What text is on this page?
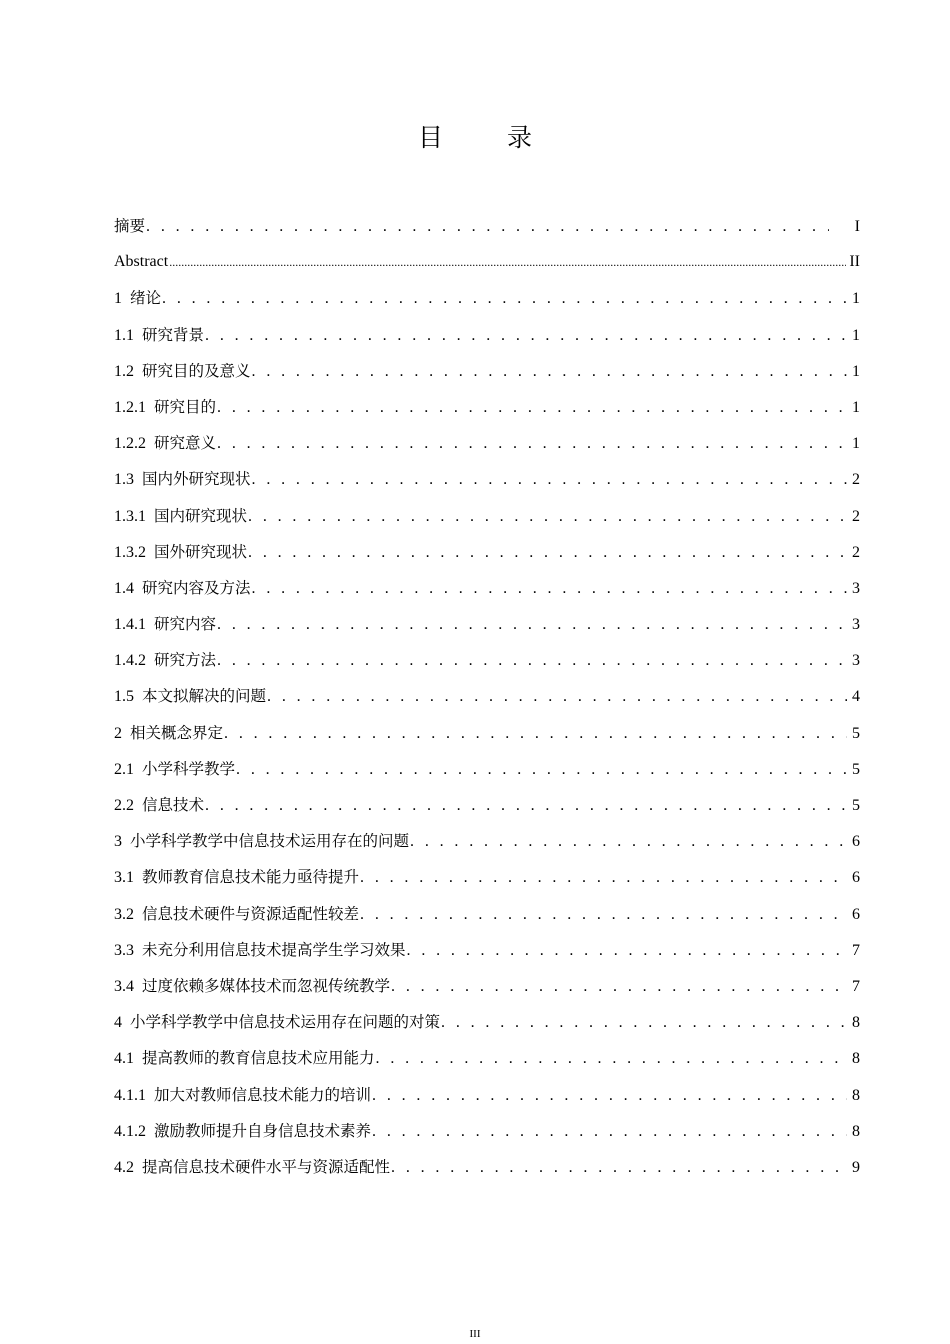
目 录
摘要 . . .	I
Abstract .....	II
1 绪论 . . .	1
1.1 研究背景 . . .	1
1.2 研究目的及意义 . . .	1
1.2.1 研究目的 . . .	1
1.2.2 研究意义 . . .	1
1.3 国内外研究现状 . . .	2
1.3.1 国内研究现状 . . .	2
1.3.2 国外研究现状 . . .	2
1.4 研究内容及方法 . . .	3
1.4.1 研究内容 . . .	3
1.4.2 研究方法 . . .	3
1.5 本文拟解决的问题 . . .	4
2 相关概念界定 . . .	5
2.1 小学科学教学 . . .	5
2.2 信息技术 . . .	5
3 小学科学教学中信息技术运用存在的问题 . . .	6
3.1 教师教育信息技术能力亟待提升 . . .	6
3.2 信息技术硬件与资源适配性较差 . . .	6
3.3 未充分利用信息技术提高学生学习效果 . . .	7
3.4 过度依赖多媒体技术而忽视传统教学 . . .	7
4 小学科学教学中信息技术运用存在问题的对策 . . .	8
4.1 提高教师的教育信息技术应用能力 . . .	8
4.1.1 加大对教师信息技术能力的培训 . . .	8
4.1.2 激励教师提升自身信息技术素养 . . .	8
4.2 提高信息技术硬件水平与资源适配性 . . .	9
III
